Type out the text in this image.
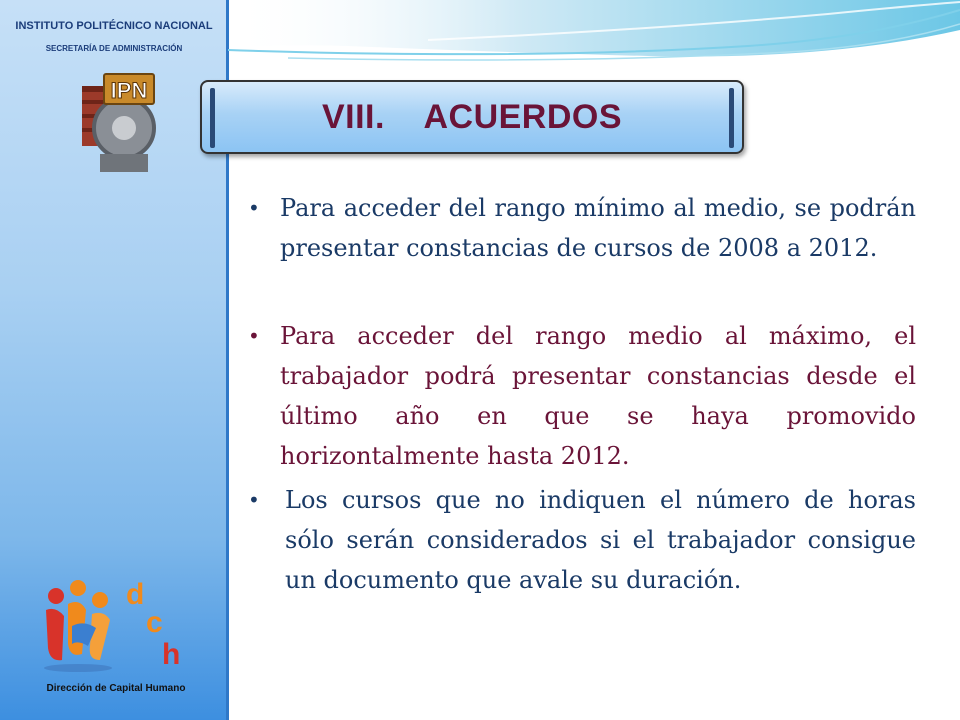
INSTITUTO POLITÉCNICO NACIONAL
SECRETARÍA DE ADMINISTRACIÓN
IPN
d
c
h
Dirección de Capital Humano
VIII.    ACUERDOS
• Para acceder del rango mínimo al medio, se podrán presentar constancias de cursos de 2008 a 2012.
• Para acceder del rango medio al máximo, el trabajador podrá presentar constancias desde el último año en que se haya promovido horizontalmente hasta 2012.
• Los cursos que no indiquen el número de horas sólo serán considerados si el trabajador consigue un documento que avale su duración.
